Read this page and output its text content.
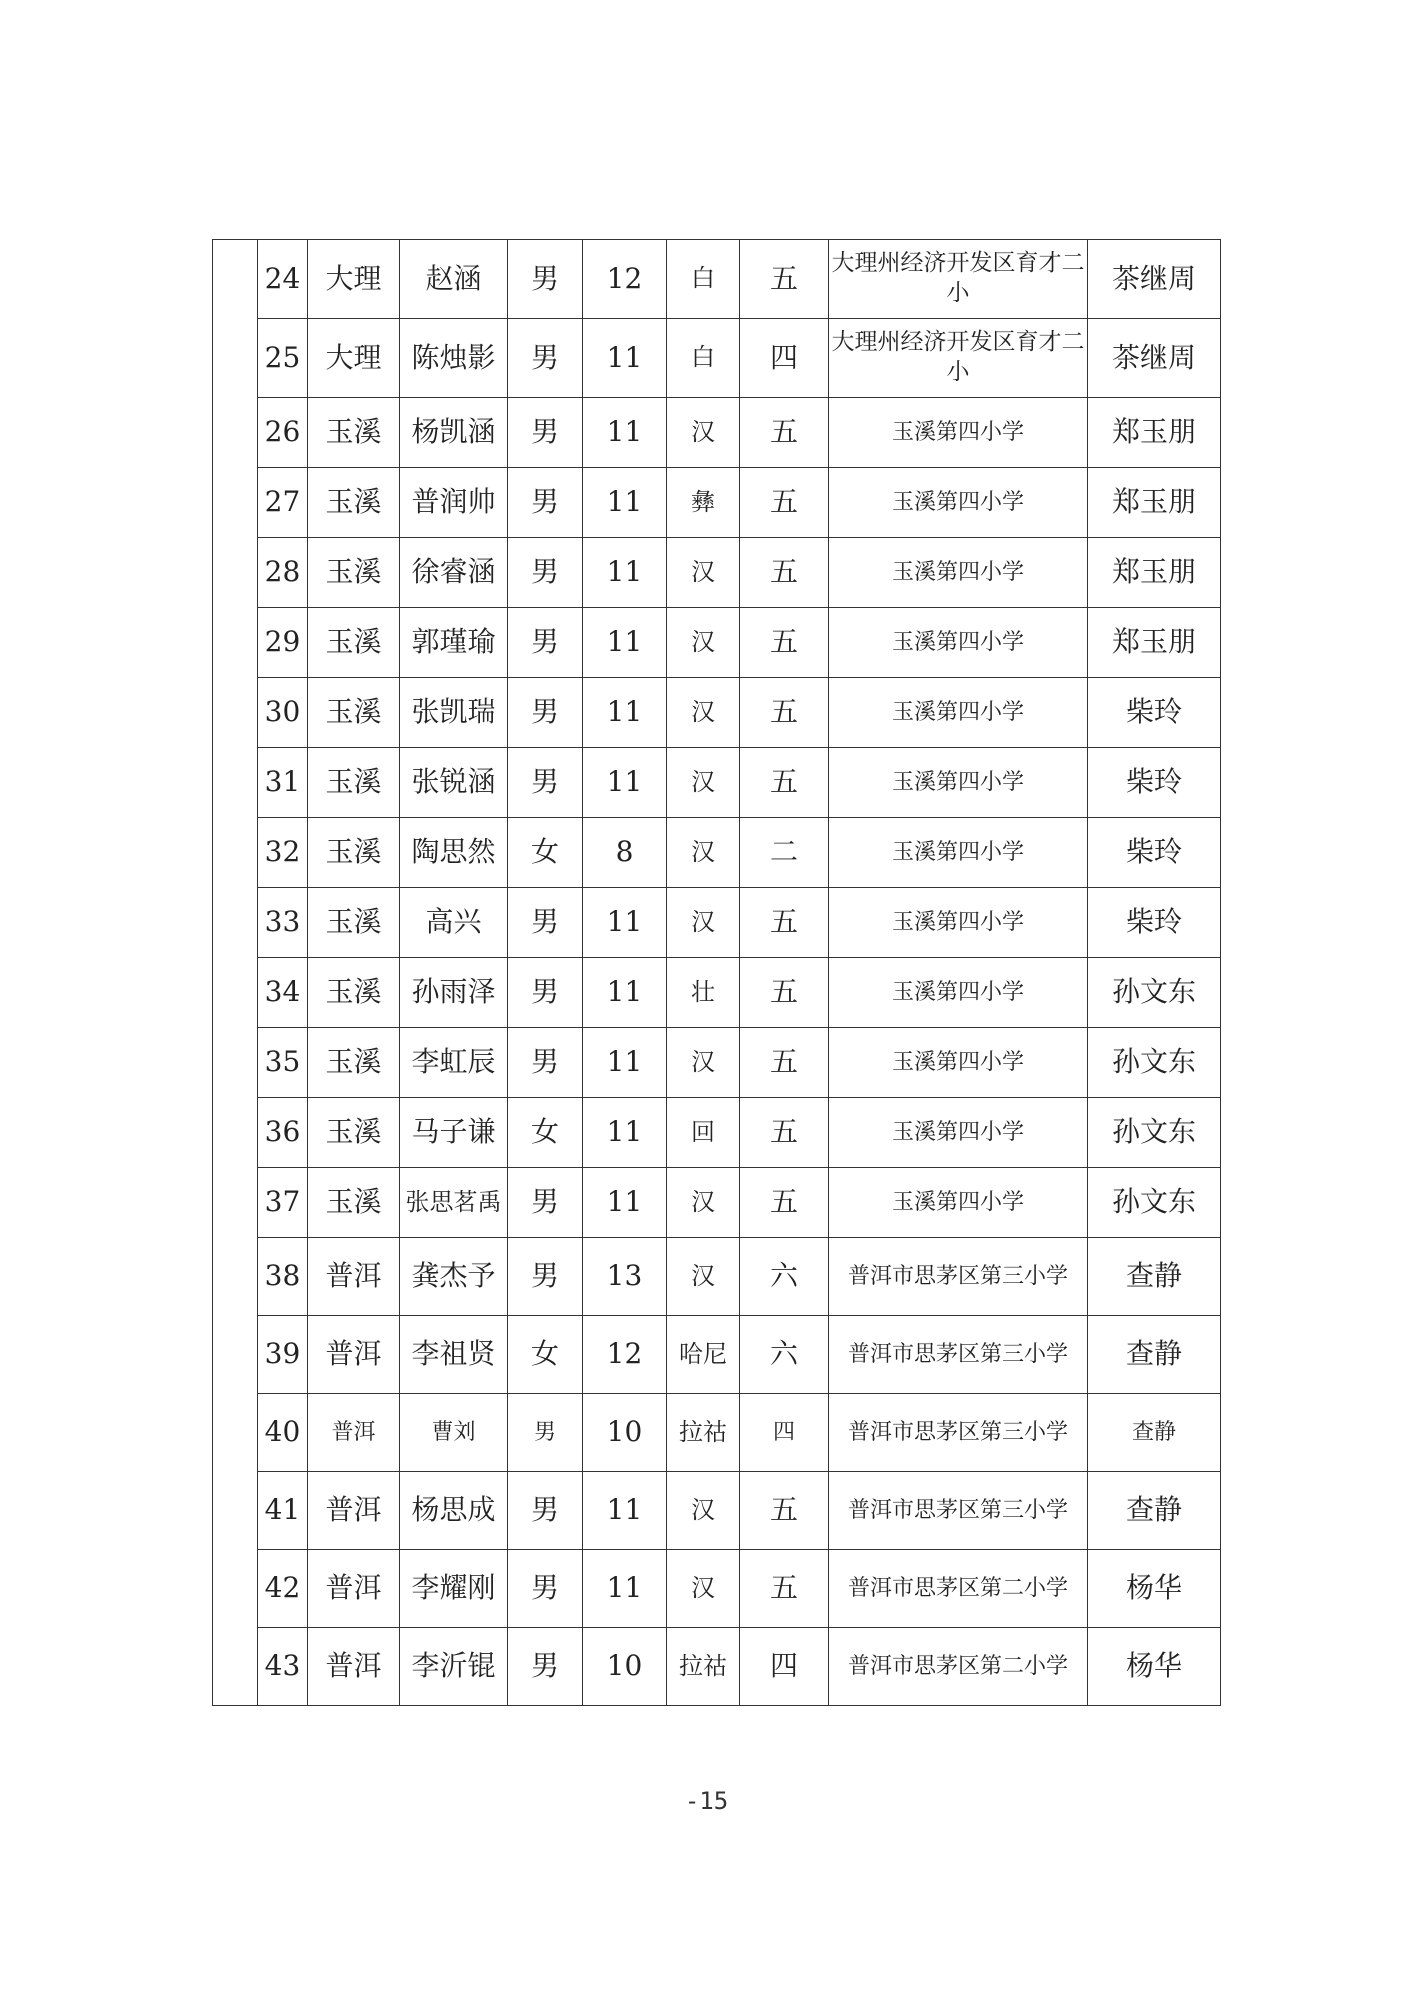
	24	大理	赵涵	男	12	白	五	大理州经济开发区育才二小	茶继周
	25	大理	陈烛影	男	11	白	四	大理州经济开发区育才二小	茶继周
	26	玉溪	杨凯涵	男	11	汉	五	玉溪第四小学	郑玉朋
	27	玉溪	普润帅	男	11	彝	五	玉溪第四小学	郑玉朋
	28	玉溪	徐睿涵	男	11	汉	五	玉溪第四小学	郑玉朋
	29	玉溪	郭瑾瑜	男	11	汉	五	玉溪第四小学	郑玉朋
	30	玉溪	张凯瑞	男	11	汉	五	玉溪第四小学	柴玲
	31	玉溪	张锐涵	男	11	汉	五	玉溪第四小学	柴玲
	32	玉溪	陶思然	女	8	汉	二	玉溪第四小学	柴玲
	33	玉溪	高兴	男	11	汉	五	玉溪第四小学	柴玲
	34	玉溪	孙雨泽	男	11	壮	五	玉溪第四小学	孙文东
	35	玉溪	李虹辰	男	11	汉	五	玉溪第四小学	孙文东
	36	玉溪	马子谦	女	11	回	五	玉溪第四小学	孙文东
	37	玉溪	张思茗禹	男	11	汉	五	玉溪第四小学	孙文东
	38	普洱	龚杰予	男	13	汉	六	普洱市思茅区第三小学	查静
	39	普洱	李祖贤	女	12	哈尼	六	普洱市思茅区第三小学	查静
	40	普洱	曹刘	男	10	拉祜	四	普洱市思茅区第三小学	查静
	41	普洱	杨思成	男	11	汉	五	普洱市思茅区第三小学	查静
	42	普洱	李耀刚	男	11	汉	五	普洱市思茅区第二小学	杨华
	43	普洱	李沂锟	男	10	拉祜	四	普洱市思茅区第二小学	杨华
-15
